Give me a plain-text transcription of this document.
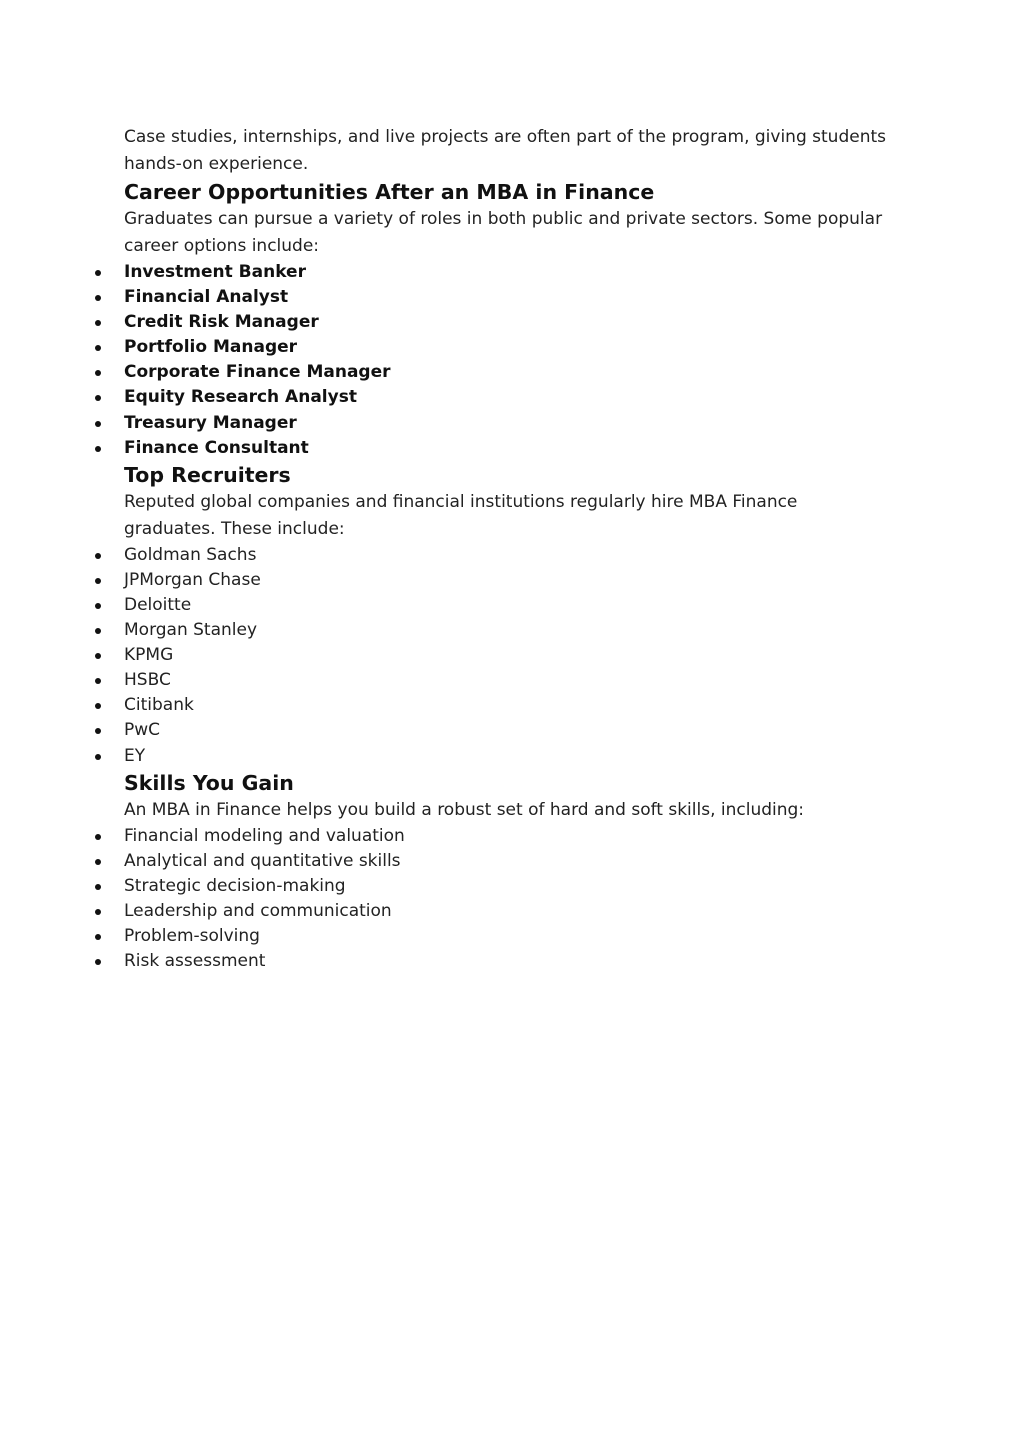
Case studies, internships, and live projects are often part of the program, giving students hands-on experience.

Career Opportunities After an MBA in Finance

Graduates can pursue a variety of roles in both public and private sectors. Some popular career options include:

Investment Banker
Financial Analyst
Credit Risk Manager
Portfolio Manager
Corporate Finance Manager
Equity Research Analyst
Treasury Manager
Finance Consultant
Top Recruiters

Reputed global companies and financial institutions regularly hire MBA Finance graduates. These include:

Goldman Sachs
JPMorgan Chase
Deloitte
Morgan Stanley
KPMG
HSBC
Citibank
PwC
EY
Skills You Gain

An MBA in Finance helps you build a robust set of hard and soft skills, including:

Financial modeling and valuation
Analytical and quantitative skills
Strategic decision-making
Leadership and communication
Problem-solving
Risk assessment
